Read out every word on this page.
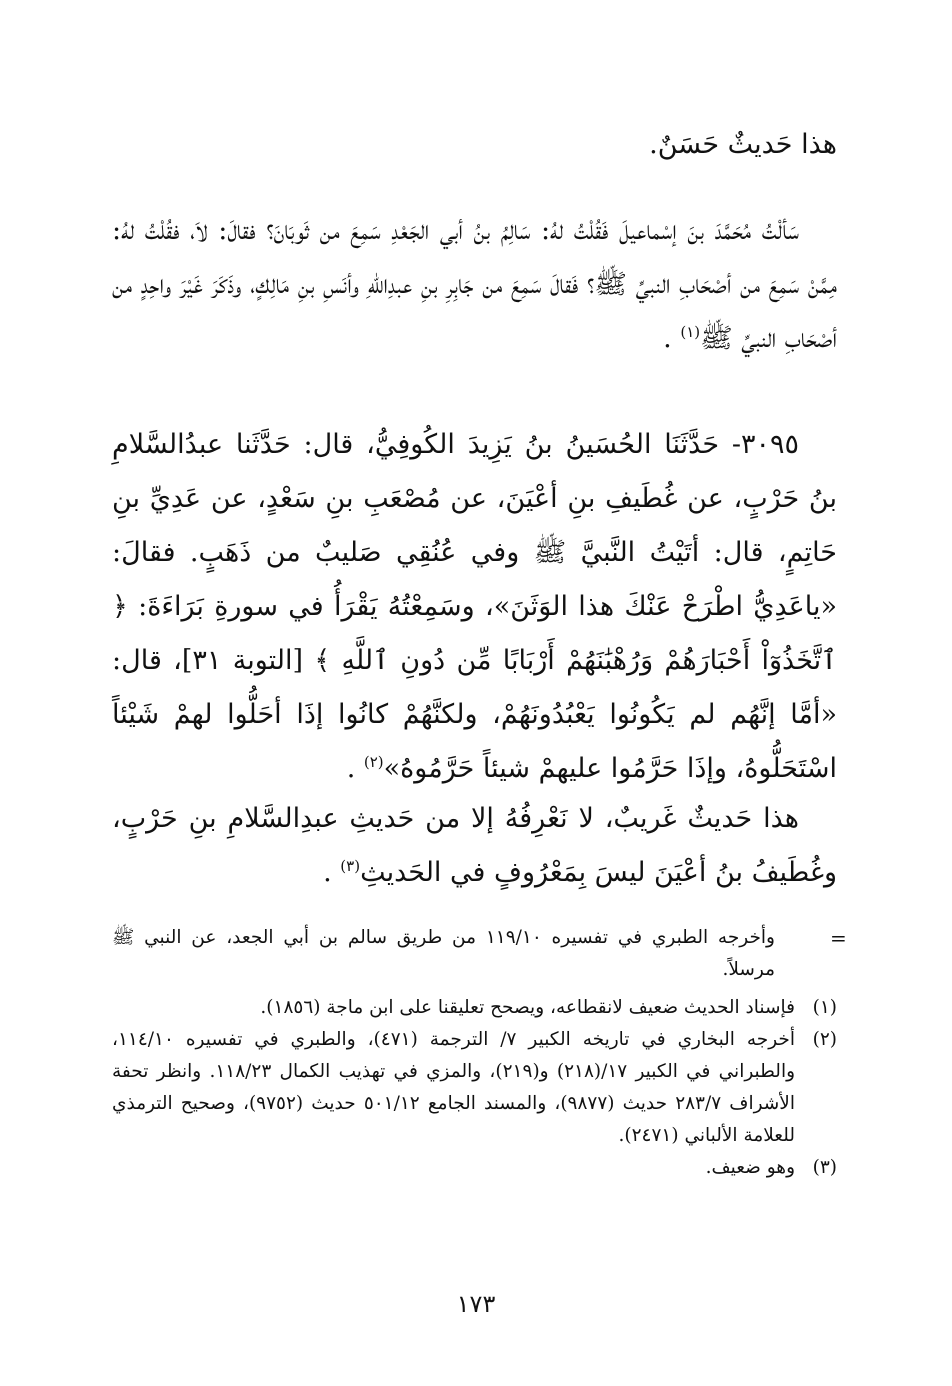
هذا حَديثٌ حَسَنٌ.

سَألْتُ مُحَمَّدَ بنَ إسْماعيلَ فَقُلْتُ لهُ: سَالِمُ بنُ أبي الجَعْدِ سَمِعَ من ثَوبَانَ؟ فقالَ: لاَ، فقُلْتُ لهُ: مِمَّنْ سَمِعَ من أصْحَابِ النبيِّ ﷺ؟ فَقالَ سَمِعَ من جَابِرِ بنِ عبدِاللهِ وأنَسِ بنِ مَالِكٍ، وذَكَرَ غَيْرَ واحِدٍ من أصْحَابِ النبيِّ ﷺ$^{(١)}$ .

٣٠٩٥- حَدَّثَنَا الحُسَينُ بنُ يَزِيدَ الكُوفِيُّ، قال: حَدَّثَنا عبدُالسَّلامِ بنُ حَرْبٍ، عن غُطَيفِ بنِ أعْيَنَ، عن مُصْعَبِ بنِ سَعْدٍ، عن عَدِيِّ بنِ حَاتِمٍ، قال: أتَيْتُ النَّبيَّ ﷺ وفي عُنُقِي صَليبٌ من ذَهَبٍ. فقالَ: «ياعَدِيُّ اطْرَحْ عَنْكَ هذا الوَثَنَ»، وسَمِعْتُهُ يَقْرَأُ في سورةِ بَرَاءَةَ: ﴿ ٱتَّخَذُوٓاْ أَحْبَارَهُمْ وَرُهْبَٰنَهُمْ أَرْبَابًا مِّن دُونِ ٱللَّهِ ﴾ [التوبة ٣١]، قال: «أمَّا إنَّهُم لم يَكُونُوا يَعْبُدُونَهُمْ، ولكنَّهُمْ كانُوا إذَا أحَلُّوا لهمْ شَيْئاً اسْتَحَلُّوهُ، وإذَا حَرَّمُوا عليهمْ شيئاً حَرَّمُوهُ»$^{(٢)}$ .

هذا حَديثٌ غَريبٌ، لا نَعْرِفُهُ إلا من حَديثِ عبدِالسَّلامِ بنِ حَرْبٍ، وغُطَيفُ بنُ أعْيَنَ ليسَ بِمَعْرُوفٍ في الحَديثِ$^{(٣)}$ .

=
وأخرجه الطبري في تفسيره ١١٩/١٠ من طريق سالم بن أبي الجعد، عن النبي ﷺ مرسلاً.
(١)
فإسناد الحديث ضعيف لانقطاعه، ويصحح تعليقنا على ابن ماجة (١٨٥٦).
(٢)
أخرجه البخاري في تاريخه الكبير ٧/ الترجمة (٤٧١)، والطبري في تفسيره ١١٤/١٠، والطبراني في الكبير ١٧/(٢١٨) و(٢١٩)، والمزي في تهذيب الكمال ١١٨/٢٣. وانظر تحفة الأشراف ٢٨٣/٧ حديث (٩٨٧٧)، والمسند الجامع ٥٠١/١٢ حديث (٩٧٥٢)، وصحيح الترمذي للعلامة الألباني (٢٤٧١).
(٣)
وهو ضعيف.
١٧٣
